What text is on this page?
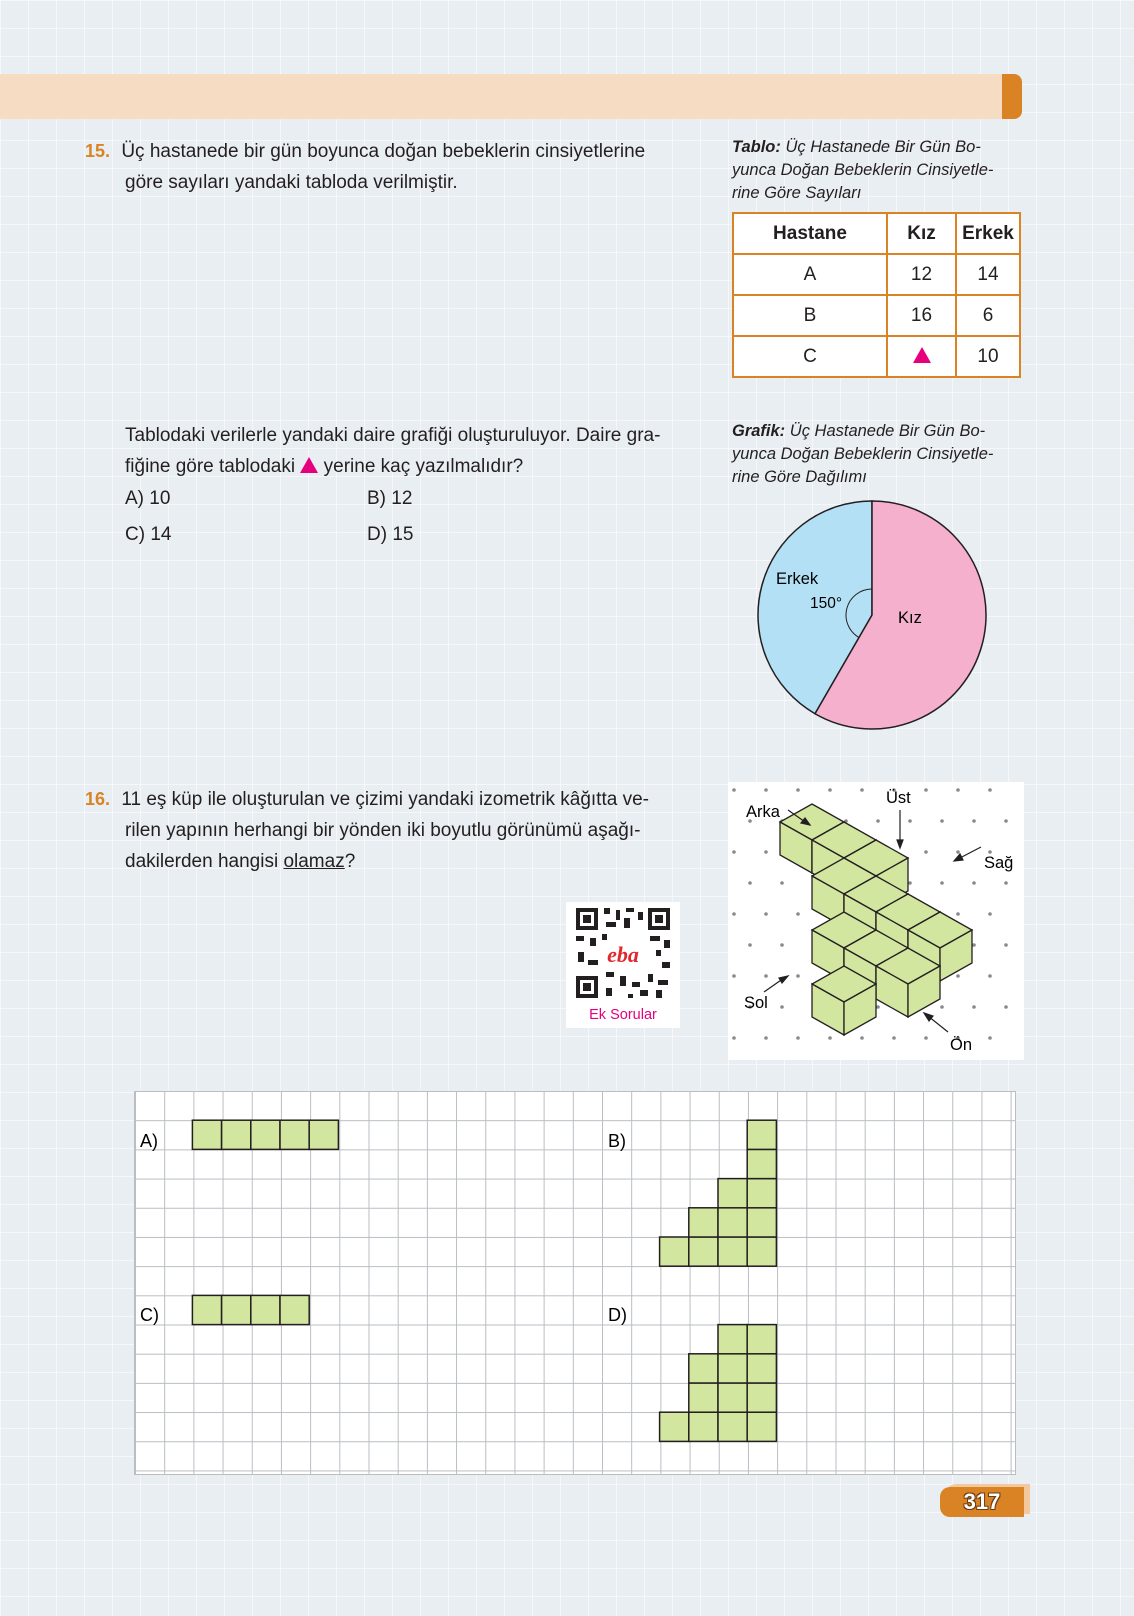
15. Üç hastanede bir gün boyunca doğan bebeklerin cinsiyetlerine
göre sayıları yandaki tabloda verilmiştir.
Tablo: Üç Hastanede Bir Gün Bo-
yunca Doğan Bebeklerin Cinsiyetle-
rine Göre Sayıları
Hastane	Kız	Erkek
A	12	14
B	16	6
C		10
Tablodaki verilerle yandaki daire grafiği oluşturuluyor. Daire gra-
fiğine göre tablodaki yerine kaç yazılmalıdır?
A) 10	B) 12
C) 14	D) 15
Grafik: Üç Hastanede Bir Gün Bo-
yunca Doğan Bebeklerin Cinsiyetle-
rine Göre Dağılımı
Erkek
Kız
150°
16. 11 eş küp ile oluşturulan ve çizimi yandaki izometrik kâğıtta ve-
rilen yapının herhangi bir yönden iki boyutlu görünümü aşağı-
dakilerden hangisi olamaz?
eba
Ek Sorular
Arka
Üst
Sağ
Sol
Ön
A)	B)
C)	D)
317
